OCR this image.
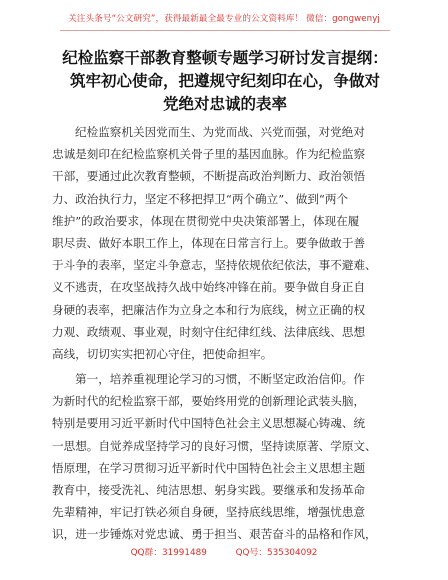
关注头条号“公文研究”，获得最新最全最专业的公文资料库！ 微信：gongwenyj
纪检监察干部教育整顿专题学习研讨发言提纲：
筑牢初心使命，把遵规守纪刻印在心，争做对
党绝对忠诚的表率
纪检监察机关因党而生、为党而战、兴党而强，对党绝对
忠诚是刻印在纪检监察机关骨子里的基因血脉。作为纪检监察
干部，要通过此次教育整顿，不断提高政治判断力、政治领悟
力、政治执行力，坚定不移把捍卫“两个确立”、做到“两个
维护”的政治要求，体现在贯彻党中央决策部署上，体现在履
职尽责、做好本职工作上，体现在日常言行上。要争做敢于善
于斗争的表率，坚定斗争意志，坚持依规依纪依法，事不避难、
义不逃责，在攻坚战持久战中始终冲锋在前。要争做自身正自
身硬的表率，把廉洁作为立身之本和行为底线，树立正确的权
力观、政绩观、事业观，时刻守住纪律红线、法律底线、思想
高线，切切实实把初心守住，把使命担牢。
第一，培养重视理论学习的习惯，不断坚定政治信仰。作
为新时代的纪检监察干部，要始终用党的创新理论武装头脑，
特别是要用习近平新时代中国特色社会主义思想凝心铸魂、统
一思想。自觉养成坚持学习的良好习惯，坚持读原著、学原文、
悟原理，在学习贯彻习近平新时代中国特色社会主义思想主题
教育中，接受洗礼、纯洁思想、躬身实践。要继承和发扬革命
先辈精神，牢记打铁必须自身硬，坚持底线思维，增强忧患意
识，进一步锤炼对党忠诚、勇于担当、艰苦奋斗的品格和作风，
QQ群：31991489	QQ号：535304092
